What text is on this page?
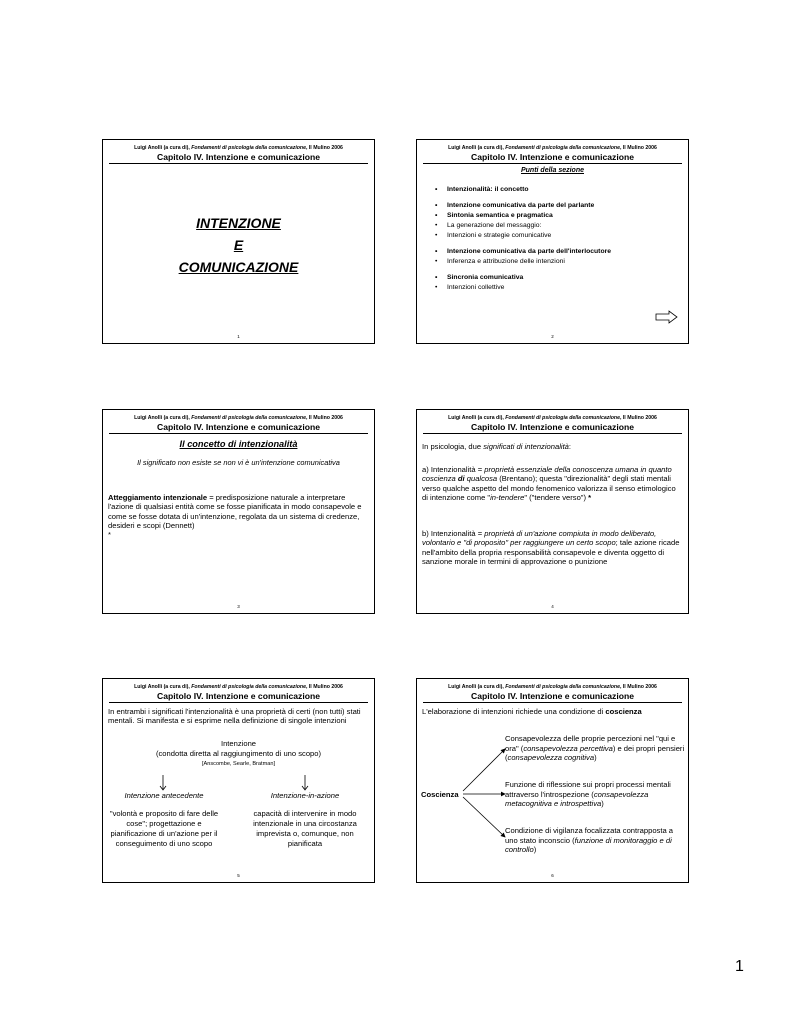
Luigi Anolli (a cura di), Fondamenti di psicologia della comunicazione, Il Mulino 2006
Capitolo IV. Intenzione e comunicazione
INTENZIONE
E
COMUNICAZIONE
1
Luigi Anolli (a cura di), Fondamenti di psicologia della comunicazione, Il Mulino 2006
Capitolo IV. Intenzione e comunicazione
Punti della sezione
• Intenzionalità: il concetto
• Intenzione comunicativa da parte del parlante
• Sintonia semantica e pragmatica
• La generazione del messaggio:
• Intenzioni e strategie comunicative
• Intenzione comunicativa da parte dell'interlocutore
• Inferenza e attribuzione delle intenzioni
• Sincronia comunicativa
• Intenzioni collettive
2
Luigi Anolli (a cura di), Fondamenti di psicologia della comunicazione, Il Mulino 2006
Capitolo IV. Intenzione e comunicazione
Il concetto di intenzionalità
Il significato non esiste se non vi è un'intenzione comunicativa
Atteggiamento intenzionale = predisposizione naturale a interpretare l'azione di qualsiasi entità come se fosse pianificata in modo consapevole e come se fosse dotata di un'intenzione, regolata da un sistema di credenze, desideri e scopi (Dennett)
*
3
Luigi Anolli (a cura di), Fondamenti di psicologia della comunicazione, Il Mulino 2006
Capitolo IV. Intenzione e comunicazione
In psicologia, due significati di intenzionalità:
a) Intenzionalità = proprietà essenziale della conoscenza umana in quanto coscienza di qualcosa (Brentano); questa "direzionalità" degli stati mentali verso qualche aspetto del mondo fenomenico valorizza il senso etimologico di intenzione come "in-tendere" ("tendere verso") *
b) Intenzionalità = proprietà di un'azione compiuta in modo deliberato, volontario e "di proposito" per raggiungere un certo scopo; tale azione ricade nell'ambito della propria responsabilità consapevole e diventa oggetto di sanzione morale in termini di approvazione o punizione
4
Luigi Anolli (a cura di), Fondamenti di psicologia della comunicazione, Il Mulino 2006
Capitolo IV. Intenzione e comunicazione
In entrambi i significati l'intenzionalità è una proprietà di certi (non tutti) stati mentali. Si manifesta e si esprime nella definizione di singole intenzioni
Intenzione
(condotta diretta al raggiungimento di uno scopo)
[Anscombe, Searle, Bratman]
Intenzione antecedente
"volontà e proposito di fare delle cose"; progettazione e pianificazione di un'azione per il conseguimento di uno scopo
Intenzione-in-azione
capacità di intervenire in modo intenzionale in una circostanza imprevista o, comunque, non pianificata
5
Luigi Anolli (a cura di), Fondamenti di psicologia della comunicazione, Il Mulino 2006
Capitolo IV. Intenzione e comunicazione
L'elaborazione di intenzioni richiede una condizione di coscienza
Coscienza
Consapevolezza delle proprie percezioni nel "qui e ora" (consapevolezza percettiva) e dei propri pensieri (consapevolezza cognitiva)
Funzione di riflessione sui propri processi mentali attraverso l'introspezione (consapevolezza metacognitiva e introspettiva)
Condizione di vigilanza focalizzata contrapposta a uno stato inconscio (funzione di monitoraggio e di controllo)
6
1
